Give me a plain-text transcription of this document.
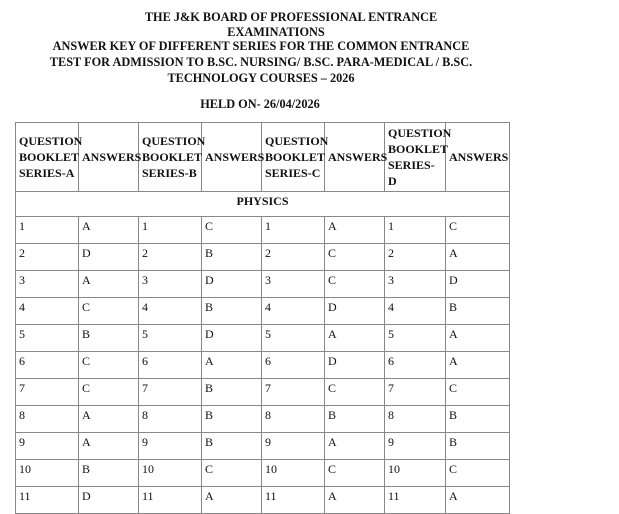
THE J&K BOARD OF PROFESSIONAL ENTRANCE
EXAMINATIONS
ANSWER KEY OF DIFFERENT SERIES FOR THE COMMON ENTRANCE
TEST FOR ADMISSION TO B.SC. NURSING/ B.SC. PARA-MEDICAL / B.SC.
TECHNOLOGY COURSES – 2026
HELD ON- 26/04/2026
QUESTION BOOKLET SERIES-A	ANSWERS	QUESTION BOOKLET SERIES-B	ANSWERS	QUESTION BOOKLET SERIES-C	ANSWERS	QUESTION BOOKLET SERIES-D	ANSWERS
PHYSICS							
1	A	1	C	1	A	1	C
2	D	2	B	2	C	2	A
3	A	3	D	3	C	3	D
4	C	4	B	4	D	4	B
5	B	5	D	5	A	5	A
6	C	6	A	6	D	6	A
7	C	7	B	7	C	7	C
8	A	8	B	8	B	8	B
9	A	9	B	9	A	9	B
10	B	10	C	10	C	10	C
11	D	11	A	11	A	11	A
